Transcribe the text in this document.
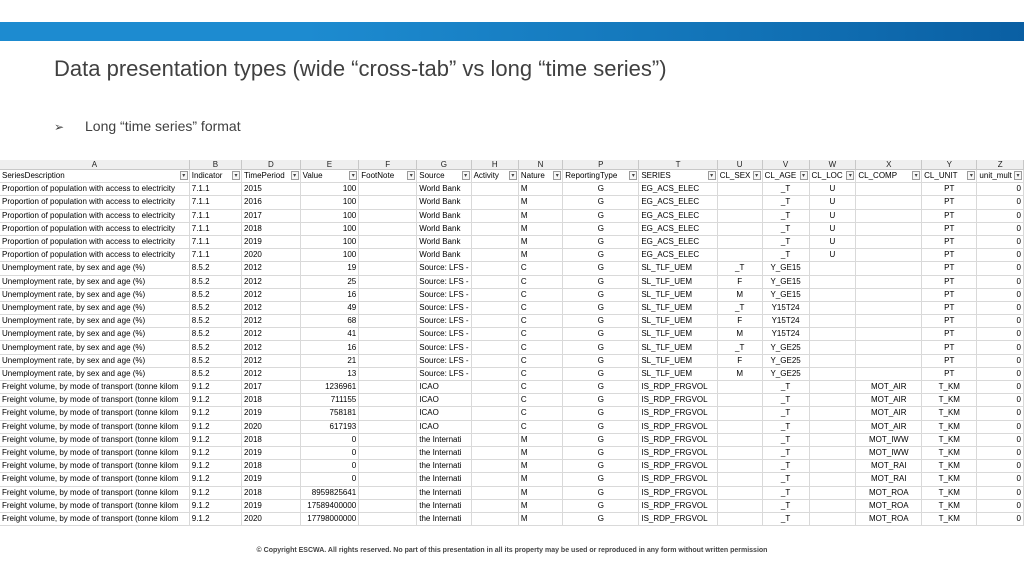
Data presentation types (wide “cross-tab” vs long “time series”)
➢ Long “time series” format
A	B	D	E	F	G	H	N	P	T	U	V	W	X	Y	Z
SeriesDescription ▾	Indicator ▾	TimePeriod ▾	Value ▾	FootNote ▾	Source ▾	Activity ▾	Nature ▾	ReportingType ▾	SERIES ▾	CL_SEX ▾	CL_AGE ▾	CL_LOC ▾	CL_COMP ▾	CL_UNIT ▾	unit_mult ▾

Proportion of population with access to electricity	7.1.1	2015	100		World Bank		M	G	EG_ACS_ELEC		_T	U		PT	0
Proportion of population with access to electricity	7.1.1	2016	100		World Bank		M	G	EG_ACS_ELEC		_T	U		PT	0
Proportion of population with access to electricity	7.1.1	2017	100		World Bank		M	G	EG_ACS_ELEC		_T	U		PT	0
Proportion of population with access to electricity	7.1.1	2018	100		World Bank		M	G	EG_ACS_ELEC		_T	U		PT	0
Proportion of population with access to electricity	7.1.1	2019	100		World Bank		M	G	EG_ACS_ELEC		_T	U		PT	0
Proportion of population with access to electricity	7.1.1	2020	100		World Bank		M	G	EG_ACS_ELEC		_T	U		PT	0
Unemployment rate, by sex and age (%)	8.5.2	2012	19		Source: LFS -		C	G	SL_TLF_UEM	_T	Y_GE15			PT	0
Unemployment rate, by sex and age (%)	8.5.2	2012	25		Source: LFS -		C	G	SL_TLF_UEM	F	Y_GE15			PT	0
Unemployment rate, by sex and age (%)	8.5.2	2012	16		Source: LFS -		C	G	SL_TLF_UEM	M	Y_GE15			PT	0
Unemployment rate, by sex and age (%)	8.5.2	2012	49		Source: LFS -		C	G	SL_TLF_UEM	_T	Y15T24			PT	0
Unemployment rate, by sex and age (%)	8.5.2	2012	68		Source: LFS -		C	G	SL_TLF_UEM	F	Y15T24			PT	0
Unemployment rate, by sex and age (%)	8.5.2	2012	41		Source: LFS -		C	G	SL_TLF_UEM	M	Y15T24			PT	0
Unemployment rate, by sex and age (%)	8.5.2	2012	16		Source: LFS -		C	G	SL_TLF_UEM	_T	Y_GE25			PT	0
Unemployment rate, by sex and age (%)	8.5.2	2012	21		Source: LFS -		C	G	SL_TLF_UEM	F	Y_GE25			PT	0
Unemployment rate, by sex and age (%)	8.5.2	2012	13		Source: LFS -		C	G	SL_TLF_UEM	M	Y_GE25			PT	0
Freight volume, by mode of transport (tonne kilom	9.1.2	2017	1236961		ICAO		C	G	IS_RDP_FRGVOL		_T		MOT_AIR	T_KM	0
Freight volume, by mode of transport (tonne kilom	9.1.2	2018	711155		ICAO		C	G	IS_RDP_FRGVOL		_T		MOT_AIR	T_KM	0
Freight volume, by mode of transport (tonne kilom	9.1.2	2019	758181		ICAO		C	G	IS_RDP_FRGVOL		_T		MOT_AIR	T_KM	0
Freight volume, by mode of transport (tonne kilom	9.1.2	2020	617193		ICAO		C	G	IS_RDP_FRGVOL		_T		MOT_AIR	T_KM	0
Freight volume, by mode of transport (tonne kilom	9.1.2	2018	0		the Internati		M	G	IS_RDP_FRGVOL		_T		MOT_IWW	T_KM	0
Freight volume, by mode of transport (tonne kilom	9.1.2	2019	0		the Internati		M	G	IS_RDP_FRGVOL		_T		MOT_IWW	T_KM	0
Freight volume, by mode of transport (tonne kilom	9.1.2	2018	0		the Internati		M	G	IS_RDP_FRGVOL		_T		MOT_RAI	T_KM	0
Freight volume, by mode of transport (tonne kilom	9.1.2	2019	0		the Internati		M	G	IS_RDP_FRGVOL		_T		MOT_RAI	T_KM	0
Freight volume, by mode of transport (tonne kilom	9.1.2	2018	8959825641		the Internati		M	G	IS_RDP_FRGVOL		_T		MOT_ROA	T_KM	0
Freight volume, by mode of transport (tonne kilom	9.1.2	2019	17589400000		the Internati		M	G	IS_RDP_FRGVOL		_T		MOT_ROA	T_KM	0
Freight volume, by mode of transport (tonne kilom	9.1.2	2020	17798000000		the Internati		M	G	IS_RDP_FRGVOL		_T		MOT_ROA	T_KM	0
© Copyright ESCWA. All rights reserved. No part of this presentation in all its property may be used or reproduced in any form without written permission
